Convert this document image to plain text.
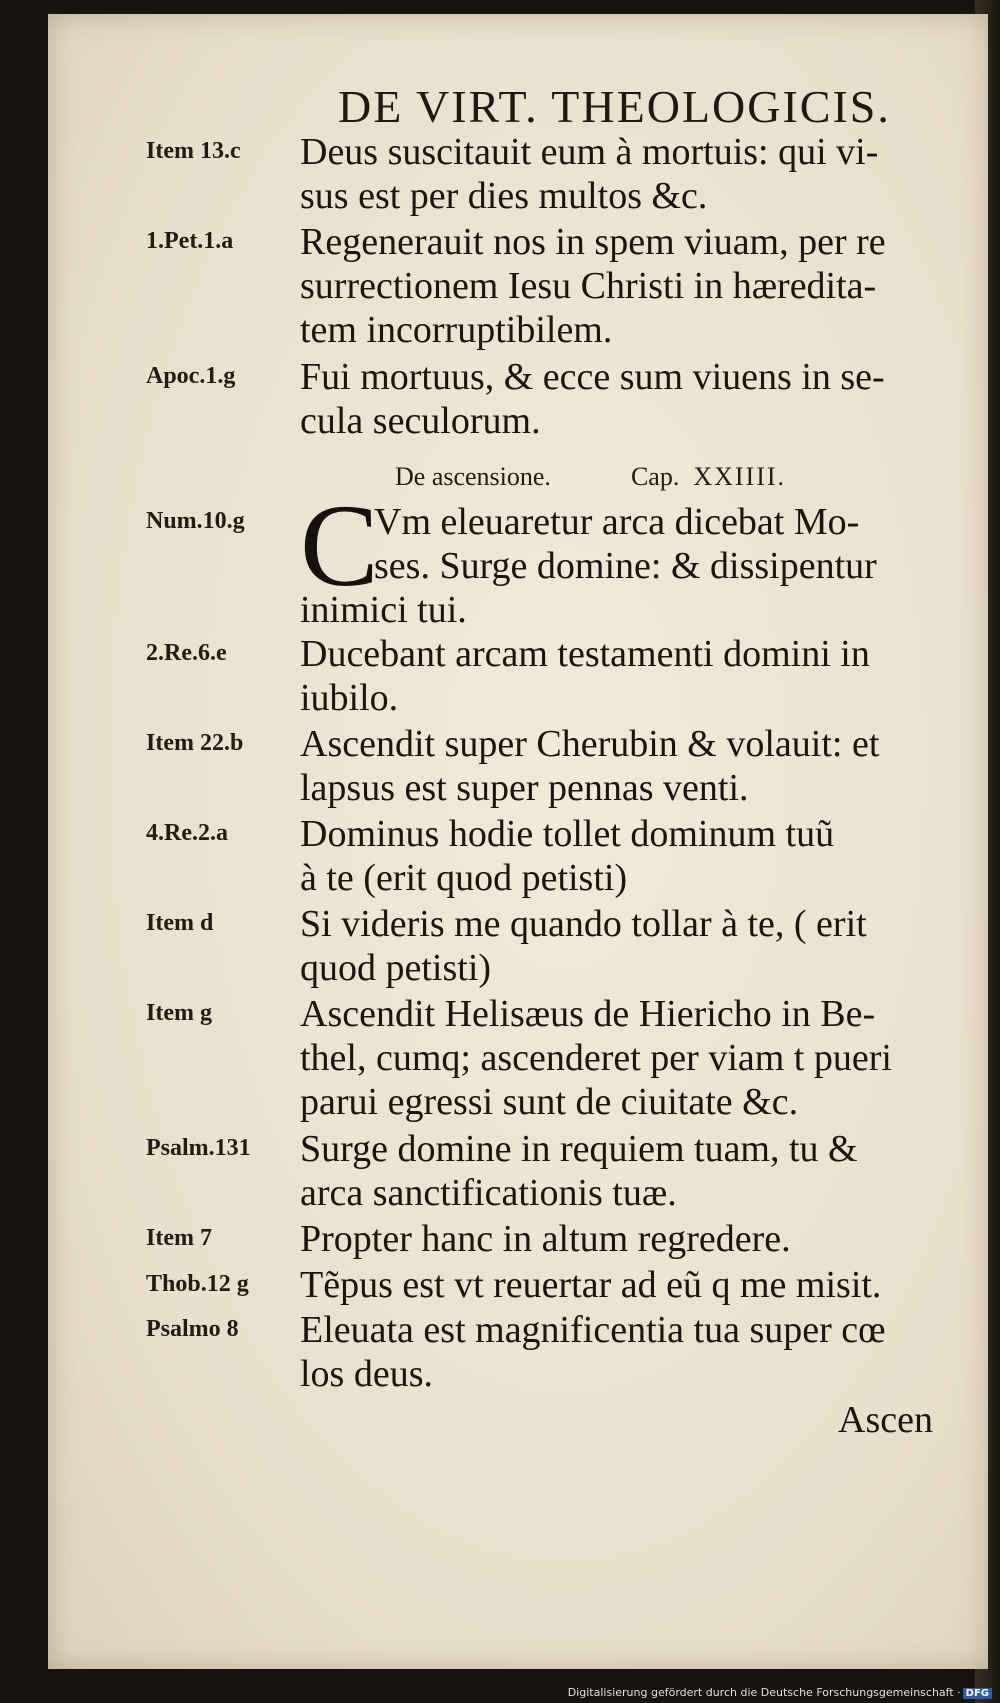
DE VIRT. THEOLOGICIS.
Item 13.c Deus suscitauit eum à mortuis: qui vi-
sus est per dies multos &c.
1.Pet.1.a Regenerauit nos in spem viuam, per re
surrectionem Iesu Christi in hæredita-
tem incorruptibilem.
Apoc.1.g Fui mortuus, & ecce sum viuens in se-
cula seculorum.
De ascensione.	Cap. XXIIII.
Num.10.g C
Vm eleuaretur arca dicebat Mo-
ses. Surge domine: & dissipentur
inimici tui.
2.Re.6.e Ducebant arcam testamenti domini in
iubilo.
Item 22.b Ascendit super Cherubin & volauit: et
lapsus est super pennas venti.
4.Re.2.a Dominus hodie tollet dominum tuũ
à te (erit quod petisti)
Item d Si videris me quando tollar à te, ( erit
quod petisti)
Item g Ascendit Helisæus de Hiericho in Be-
thel, cumq; ascenderet per viam t pueri
parui egressi sunt de ciuitate &c.
Psalm.131 Surge domine in requiem tuam, tu &
arca sanctificationis tuæ.
Item 7 Propter hanc in altum regredere.
Thob.12 g Tẽpus est vt reuertar ad eũ q me misit.
Psalmo 8 Eleuata est magnificentia tua super cœ
los deus.
Ascen
Digitalisierung gefördert durch die Deutsche Forschungsgemeinschaft · DFG
